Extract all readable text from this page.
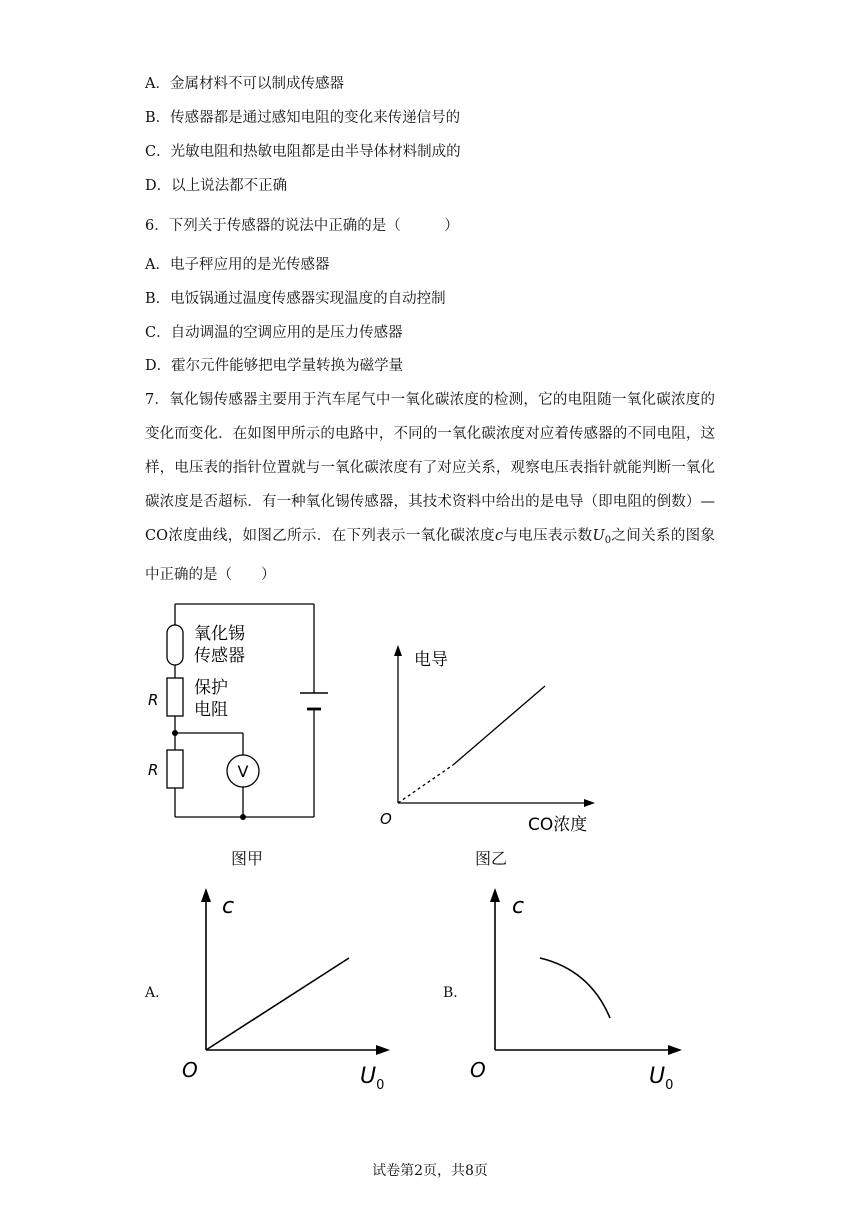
A．金属材料不可以制成传感器
B．传感器都是通过感知电阻的变化来传递信号的
C．光敏电阻和热敏电阻都是由半导体材料制成的
D．以上说法都不正确
6．下列关于传感器的说法中正确的是（　　　）
A．电子秤应用的是光传感器
B．电饭锅通过温度传感器实现温度的自动控制
C．自动调温的空调应用的是压力传感器
D．霍尔元件能够把电学量转换为磁学量
7．氧化锡传感器主要用于汽车尾气中一氧化碳浓度的检测，它的电阻随一氧化碳浓度的变化而变化．在如图甲所示的电路中，不同的一氧化碳浓度对应着传感器的不同电阻，这样，电压表的指针位置就与一氧化碳浓度有了对应关系，观察电压表指针就能判断一氧化碳浓度是否超标．有一种氧化锡传感器，其技术资料中给出的是电导（即电阻的倒数）—CO浓度曲线，如图乙所示．在下列表示一氧化碳浓度c与电压表示数$U_0$之间关系的图象中正确的是（　　）
V
氧化锡
传感器
保护
电阻
R
R
图甲
电导
CO浓度
O
图乙
A．
c
O	$U_0$
B．
c
O	$U_0$
试卷第2页，共8页
